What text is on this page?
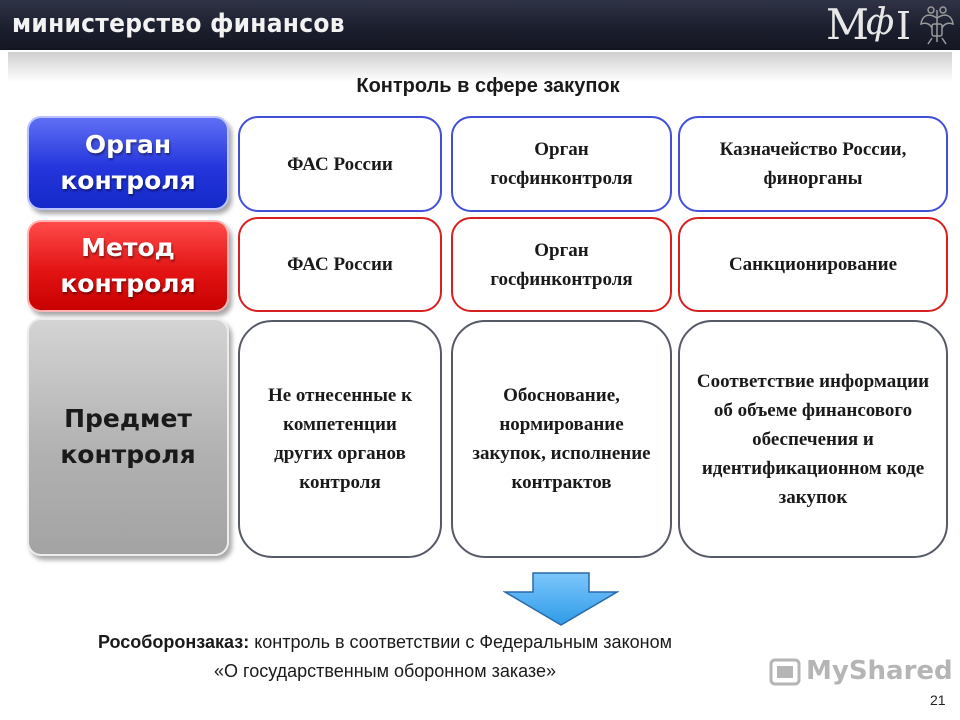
министерство финансов	М
ф І
Контроль в сфере закупок
Орган контроля
Метод контроля
Предмет контроля
ФАС России
Орган госфинконтроля
Казначейство России, финорганы
ФАС России
Орган госфинконтроля
Санкционирование
Не отнесенные к компетенции других органов контроля
Обоснование, нормирование закупок, исполнение контрактов
Соответствие информации об объеме финансового обеспечения и идентификационном коде закупок
Рособоронзаказ: контроль в соответствии с Федеральным законом
«О государственным оборонном заказе»	MyShared
21
